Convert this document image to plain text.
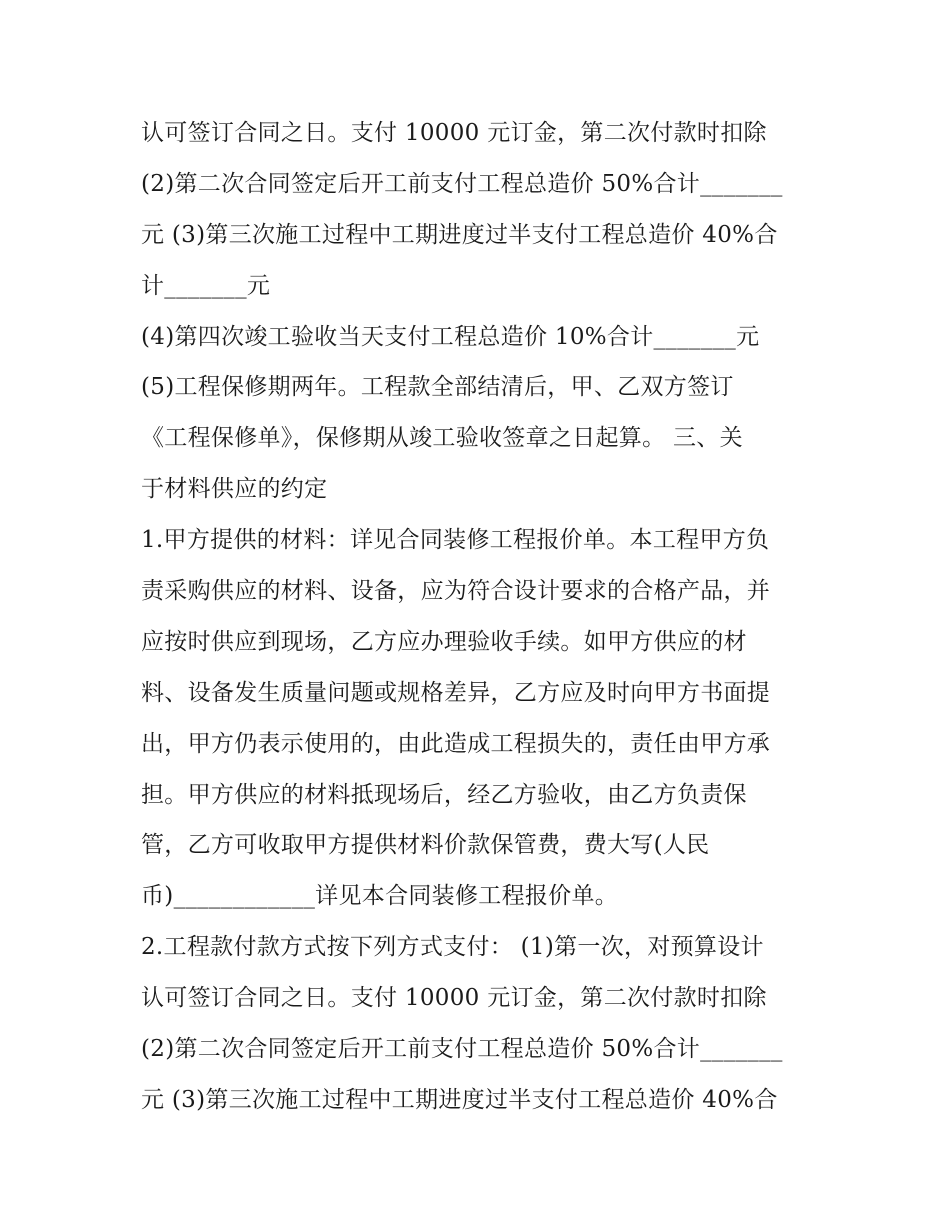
认可签订合同之日。支付 10000 元订金，第二次付款时扣除
(2)第二次合同签定后开工前支付工程总造价 50%合计_______
元 (3)第三次施工过程中工期进度过半支付工程总造价 40%合
计_______元
(4)第四次竣工验收当天支付工程总造价 10%合计_______元
(5)工程保修期两年。工程款全部结清后，甲、乙双方签订
《工程保修单》，保修期从竣工验收签章之日起算。 三、关
于材料供应的约定
1.甲方提供的材料：详见合同装修工程报价单。本工程甲方负
责采购供应的材料、设备，应为符合设计要求的合格产品，并
应按时供应到现场，乙方应办理验收手续。如甲方供应的材
料、设备发生质量问题或规格差异，乙方应及时向甲方书面提
出，甲方仍表示使用的，由此造成工程损失的，责任由甲方承
担。甲方供应的材料抵现场后，经乙方验收，由乙方负责保
管，乙方可收取甲方提供材料价款保管费，费大写(人民
币)____________详见本合同装修工程报价单。
2.工程款付款方式按下列方式支付： (1)第一次，对预算设计
认可签订合同之日。支付 10000 元订金，第二次付款时扣除
(2)第二次合同签定后开工前支付工程总造价 50%合计_______
元 (3)第三次施工过程中工期进度过半支付工程总造价 40%合
